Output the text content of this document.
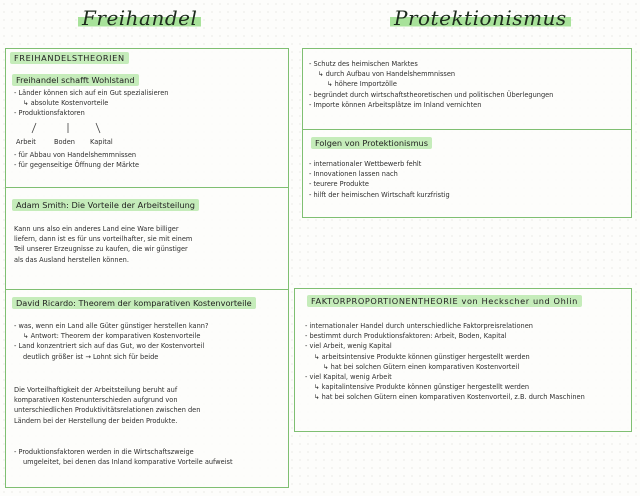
Freihandel	Protektionismus
FREIHANDELSTHEORIEN
Freihandel schafft Wohlstand
- Länder können sich auf ein Gut spezialisieren
↳ absolute Kostenvorteile
- Produktionsfaktoren
Arbeit	Boden Kapital
- für Abbau von Handelshemmnissen
- für gegenseitige Öffnung der Märkte
Adam Smith: Die Vorteile der Arbeitsteilung
Kann uns also ein anderes Land eine Ware billiger
liefern, dann ist es für uns vorteilhafter, sie mit einem
Teil unserer Erzeugnisse zu kaufen, die wir günstiger
als das Ausland herstellen können.
David Ricardo: Theorem der komparativen Kostenvorteile
- was, wenn ein Land alle Güter günstiger herstellen kann?
↳ Antwort: Theorem der komparativen Kostenvorteile
- Land konzentriert sich auf das Gut, wo der Kostenvorteil
deutlich größer ist → Lohnt sich für beide
Die Vorteilhaftigkeit der Arbeitsteilung beruht auf
komparativen Kostenunterschieden aufgrund von
unterschiedlichen Produktivitätsrelationen zwischen den
Ländern bei der Herstellung der beiden Produkte.
- Produktionsfaktoren werden in die Wirtschaftszweige
umgeleitet, bei denen das Inland komparative Vorteile aufweist
- Schutz des heimischen Marktes
↳ durch Aufbau von Handelshemmnissen
↳ höhere Importzölle
- begründet durch wirtschaftstheoretischen und politischen Überlegungen
- Importe können Arbeitsplätze im Inland vernichten
Folgen von Protektionismus
- internationaler Wettbewerb fehlt
- Innovationen lassen nach
- teurere Produkte
- hilft der heimischen Wirtschaft kurzfristig
FAKTORPROPORTIONENTHEORIE von Heckscher und Ohlin
- internationaler Handel durch unterschiedliche Faktorpreisrelationen
- bestimmt durch Produktionsfaktoren: Arbeit, Boden, Kapital
- viel Arbeit, wenig Kapital
↳ arbeitsintensive Produkte können günstiger hergestellt werden
↳ hat bei solchen Gütern einen komparativen Kostenvorteil
- viel Kapital, wenig Arbeit
↳ kapitalintensive Produkte können günstiger hergestellt werden
↳ hat bei solchen Gütern einen komparativen Kostenvorteil, z.B. durch Maschinen
